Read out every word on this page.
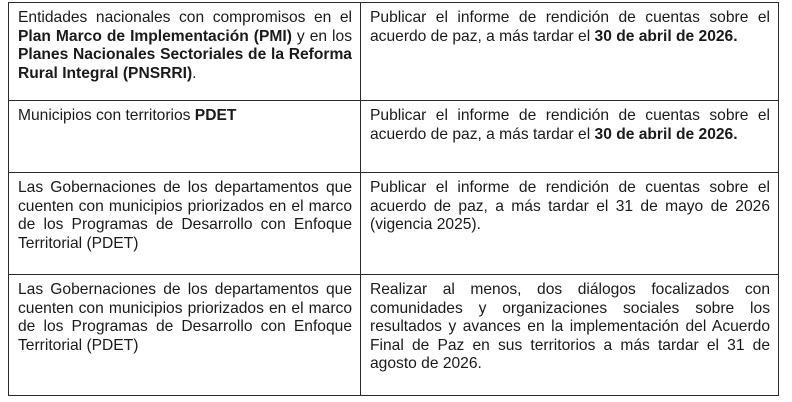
Entidades nacionales con compromisos en el Plan Marco de Implementación (PMI) y en los Planes Nacionales Sectoriales de la Reforma Rural Integral (PNSRRI).	Publicar el informe de rendición de cuentas sobre el acuerdo de paz, a más tardar el 30 de abril de 2026.
Municipios con territorios PDET	Publicar el informe de rendición de cuentas sobre el acuerdo de paz, a más tardar el 30 de abril de 2026.
Las Gobernaciones de los departamentos que cuenten con municipios priorizados en el marco de los Programas de Desarrollo con Enfoque Territorial (PDET)	Publicar el informe de rendición de cuentas sobre el acuerdo de paz, a más tardar el 31 de mayo de 2026 (vigencia 2025).
Las Gobernaciones de los departamentos que cuenten con municipios priorizados en el marco de los Programas de Desarrollo con Enfoque Territorial (PDET)	Realizar al menos, dos diálogos focalizados con comunidades y organizaciones sociales sobre los resultados y avances en la implementación del Acuerdo Final de Paz en sus territorios a más tardar el 31 de agosto de 2026.
